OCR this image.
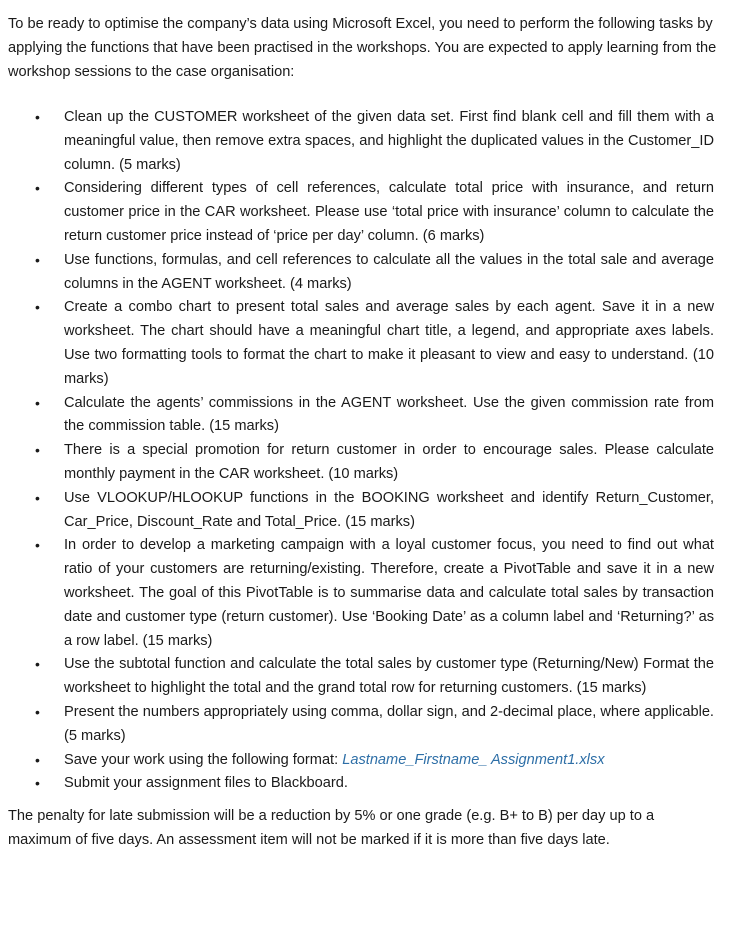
To be ready to optimise the company’s data using Microsoft Excel, you need to perform the following tasks by applying the functions that have been practised in the workshops. You are expected to apply learning from the workshop sessions to the case organisation:

• Clean up the CUSTOMER worksheet of the given data set. First find blank cell and fill them with a meaningful value, then remove extra spaces, and highlight the duplicated values in the Customer_ID column. (5 marks)
• Considering different types of cell references, calculate total price with insurance, and return customer price in the CAR worksheet. Please use ‘total price with insurance’ column to calculate the return customer price instead of ‘price per day’ column. (6 marks)
• Use functions, formulas, and cell references to calculate all the values in the total sale and average columns in the AGENT worksheet. (4 marks)
• Create a combo chart to present total sales and average sales by each agent. Save it in a new worksheet. The chart should have a meaningful chart title, a legend, and appropriate axes labels. Use two formatting tools to format the chart to make it pleasant to view and easy to understand. (10 marks)
• Calculate the agents’ commissions in the AGENT worksheet. Use the given commission rate from the commission table. (15 marks)
• There is a special promotion for return customer in order to encourage sales. Please calculate monthly payment in the CAR worksheet. (10 marks)
• Use VLOOKUP/HLOOKUP functions in the BOOKING worksheet and identify Return_Customer, Car_Price, Discount_Rate and Total_Price. (15 marks)
• In order to develop a marketing campaign with a loyal customer focus, you need to find out what ratio of your customers are returning/existing. Therefore, create a PivotTable and save it in a new worksheet. The goal of this PivotTable is to summarise data and calculate total sales by transaction date and customer type (return customer). Use ‘Booking Date’ as a column label and ‘Returning?’ as a row label. (15 marks)
• Use the subtotal function and calculate the total sales by customer type (Returning/New) Format the worksheet to highlight the total and the grand total row for returning customers. (15 marks)
• Present the numbers appropriately using comma, dollar sign, and 2-decimal place, where applicable. (5 marks)
• Save your work using the following format: Lastname_Firstname_ Assignment1.xlsx
• Submit your assignment files to Blackboard.

The penalty for late submission will be a reduction by 5% or one grade (e.g. B+ to B) per day up to a maximum of five days. An assessment item will not be marked if it is more than five days late.
